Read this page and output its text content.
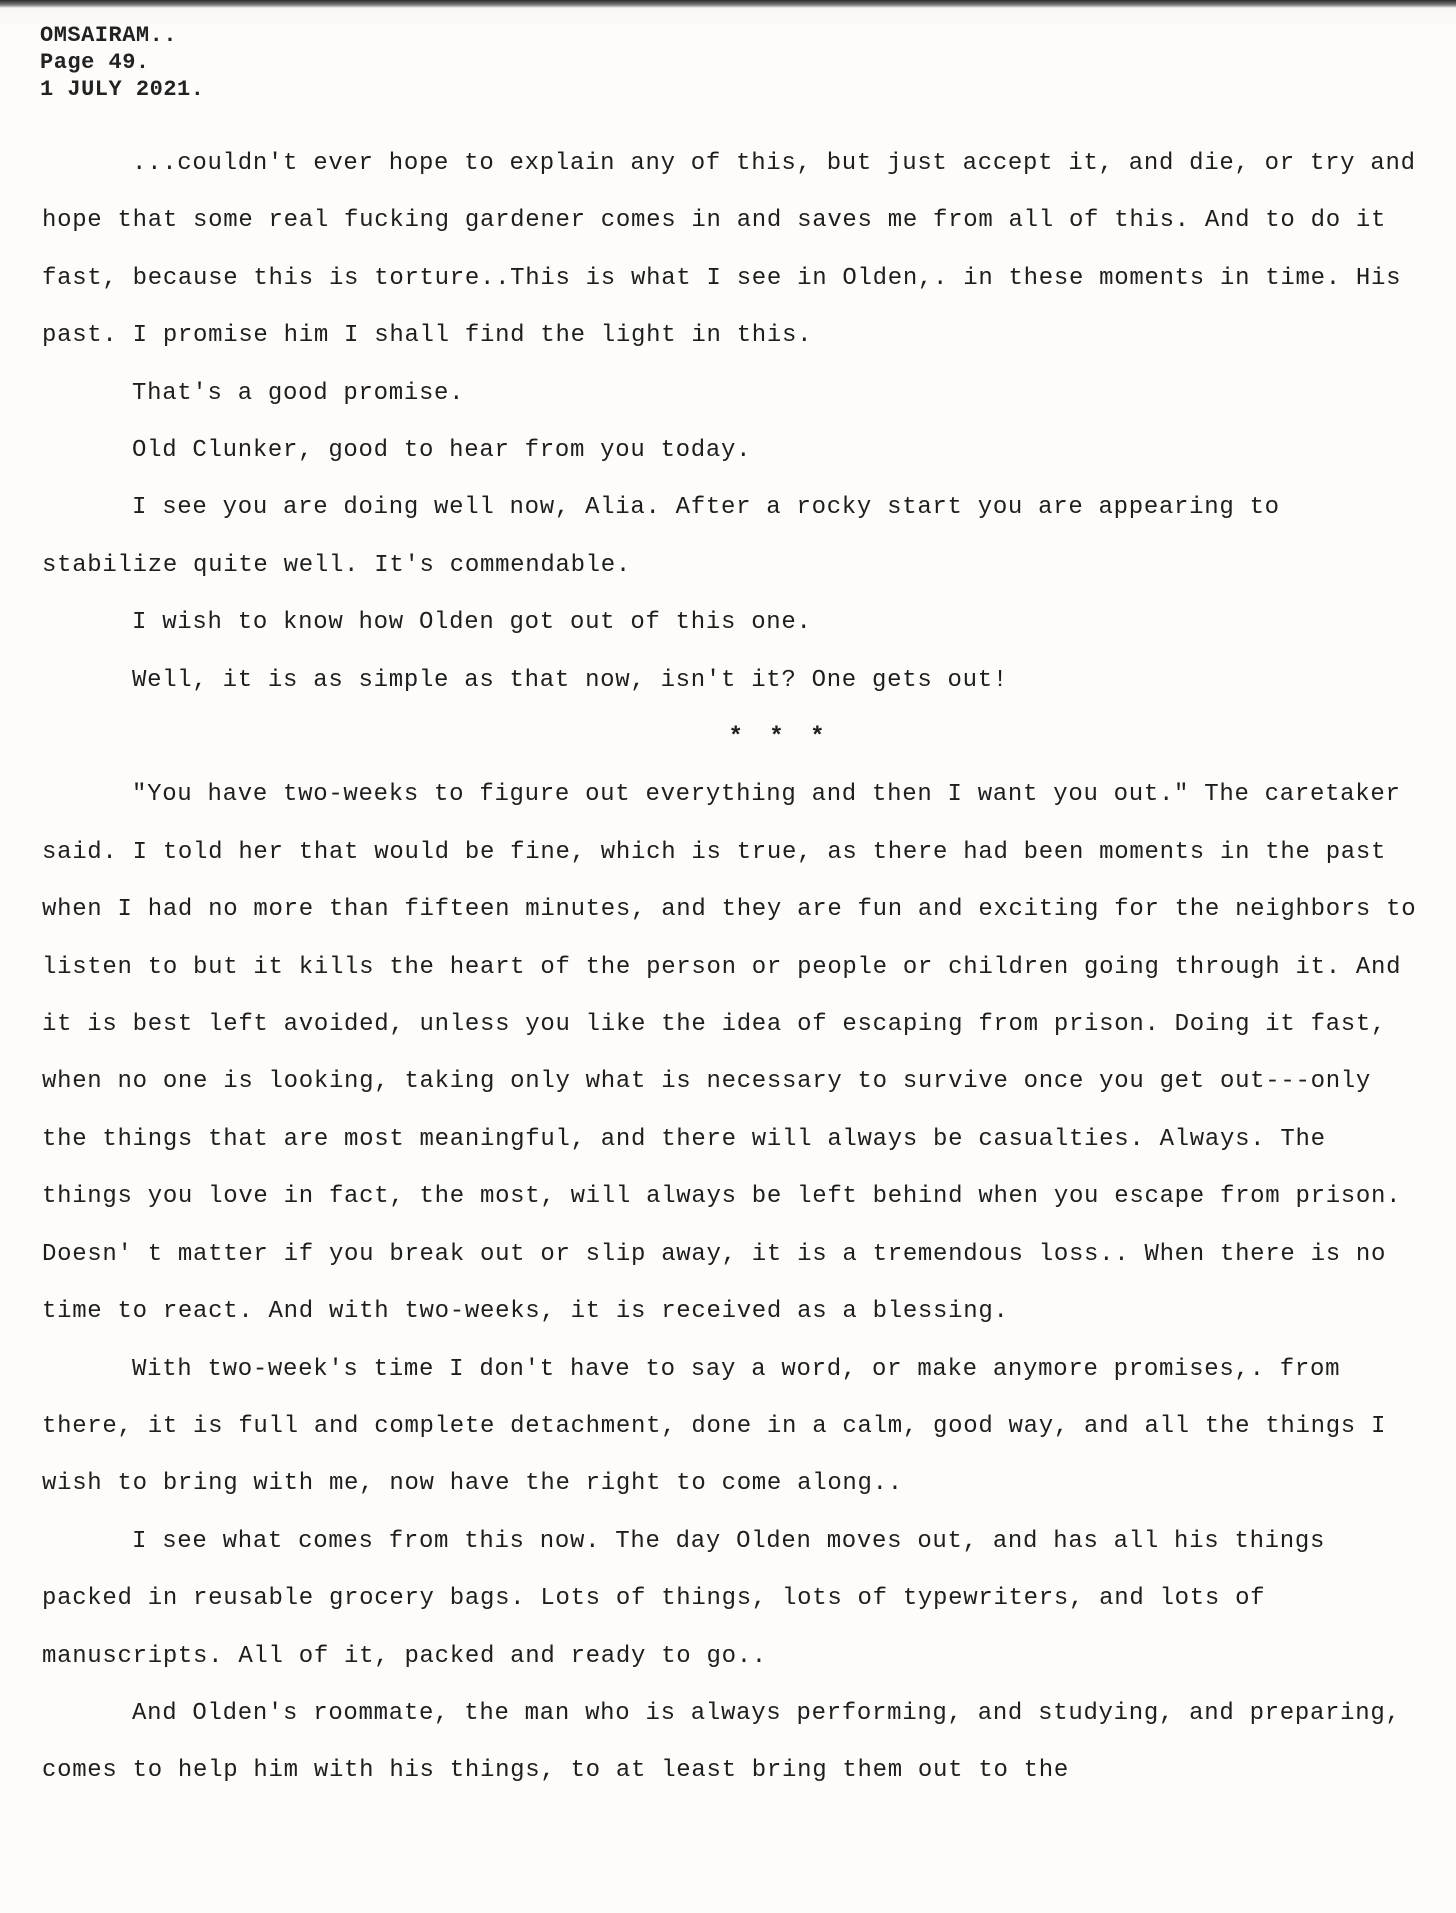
OMSAIRAM..
Page 49.
1 JULY 2021.

...couldn't ever hope to explain any of this, but just accept it, and die, or try and hope that some real fucking gardener comes in and saves me from all of this. And to do it fast, because this is torture..This is what I see in Olden,. in these moments in time. His past. I promise him I shall find the light in this.

That's a good promise.

Old Clunker, good to hear from you today.

I see you are doing well now, Alia. After a rocky start you are appearing to stabilize quite well. It's commendable.

I wish to know how Olden got out of this one.

Well, it is as simple as that now, isn't it? One gets out!

* * *

"You have two-weeks to figure out everything and then I want you out." The caretaker said. I told her that would be fine, which is true, as there had been moments in the past when I had no more than fifteen minutes, and they are fun and exciting for the neighbors to listen to but it kills the heart of the person or people or children going through it. And it is best left avoided, unless you like the idea of escaping from prison. Doing it fast, when no one is looking, taking only what is necessary to survive once you get out---only the things that are most meaningful, and there will always be casualties. Always. The things you love in fact, the most, will always be left behind when you escape from prison. Doesn' t matter if you break out or slip away, it is a tremendous loss.. When there is no time to react. And with two-weeks, it is received as a blessing.

With two-week's time I don't have to say a word, or make anymore promises,. from there, it is full and complete detachment, done in a calm, good way, and all the things I wish to bring with me, now have the right to come along..

I see what comes from this now. The day Olden moves out, and has all his things packed in reusable grocery bags. Lots of things, lots of typewriters, and lots of manuscripts. All of it, packed and ready to go..

And Olden's roommate, the man who is always performing, and studying, and preparing, comes to help him with his things, to at least bring them out to the
